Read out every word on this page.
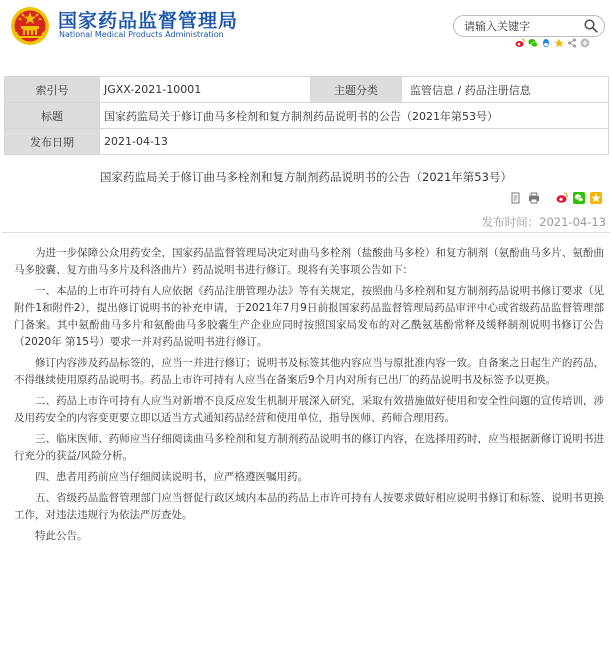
国家药品监督管理局
National Medical Products Administration
请输入关键字
索引号	JGXX-2021-10001	主题分类	监管信息 / 药品注册信息
标题	国家药监局关于修订曲马多栓剂和复方制剂药品说明书的公告（2021年第53号）		
发布日期	2021-04-13		
国家药监局关于修订曲马多栓剂和复方制剂药品说明书的公告（2021年第53号）
发布时间：2021-04-13

为进一步保障公众用药安全，国家药品监督管理局决定对曲马多栓剂（盐酸曲马多栓）和复方制剂（氨酚曲马多片、氨酚曲马多胶囊、复方曲马多片及科洛曲片）药品说明书进行修订。现将有关事项公告如下：

一、本品的上市许可持有人应依据《药品注册管理办法》等有关规定，按照曲马多栓剂和复方制剂药品说明书修订要求（见附件1和附件2），提出修订说明书的补充申请，于2021年7月9日前报国家药品监督管理局药品审评中心或省级药品监督管理部门备案。其中氨酚曲马多片和氨酚曲马多胶囊生产企业应同时按照国家局发布的对乙酰氨基酚常释及缓释制剂说明书修订公告（2020年 第15号）要求一并对药品说明书进行修订。

修订内容涉及药品标签的，应当一并进行修订；说明书及标签其他内容应当与原批准内容一致。自备案之日起生产的药品，不得继续使用原药品说明书。药品上市许可持有人应当在备案后9个月内对所有已出厂的药品说明书及标签予以更换。

二、药品上市许可持有人应当对新增不良反应发生机制开展深入研究，采取有效措施做好使用和安全性问题的宣传培训，涉及用药安全的内容变更要立即以适当方式通知药品经营和使用单位，指导医师、药师合理用药。

三、临床医师、药师应当仔细阅读曲马多栓剂和复方制剂药品说明书的修订内容，在选择用药时，应当根据新修订说明书进行充分的获益/风险分析。

四、患者用药前应当仔细阅读说明书，应严格遵医嘱用药。

五、省级药品监督管理部门应当督促行政区域内本品的药品上市许可持有人按要求做好相应说明书修订和标签、说明书更换工作，对违法违规行为依法严厉查处。

特此公告。
